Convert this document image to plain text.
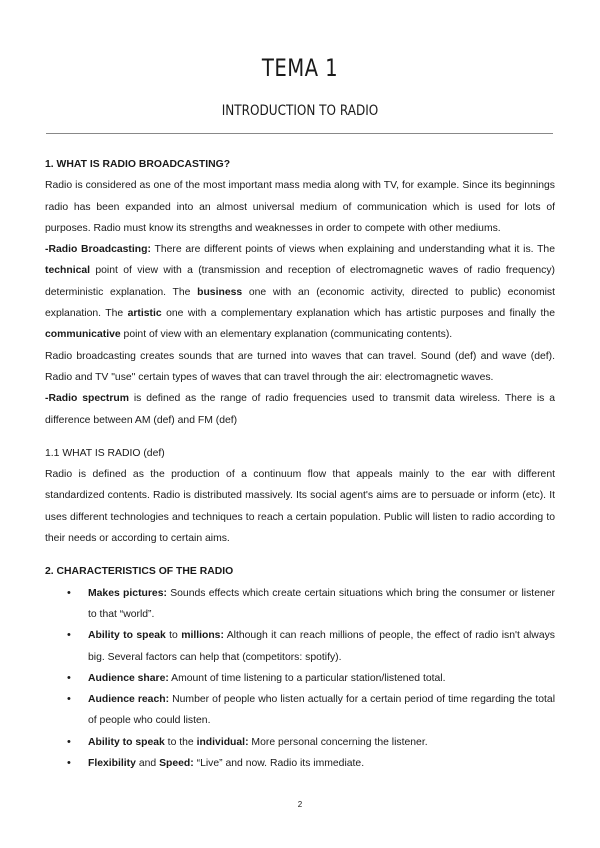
TEMA 1
INTRODUCTION TO RADIO

1. WHAT IS RADIO BROADCASTING?

Radio is considered as one of the most important mass media along with TV, for example. Since its beginnings radio has been expanded into an almost universal medium of communication which is used for lots of purposes. Radio must know its strengths and weaknesses in order to compete with other mediums.

-Radio Broadcasting: There are different points of views when explaining and understanding what it is. The technical point of view with a (transmission and reception of electromagnetic waves of radio frequency) deterministic explanation. The business one with an (economic activity, directed to public) economist explanation. The artistic one with a complementary explanation which has artistic purposes and finally the communicative point of view with an elementary explanation (communicating contents).

Radio broadcasting creates sounds that are turned into waves that can travel. Sound (def) and wave (def). Radio and TV "use" certain types of waves that can travel through the air: electromagnetic waves.

-Radio spectrum is defined as the range of radio frequencies used to transmit data wireless. There is a difference between AM (def) and FM (def)

1.1 WHAT IS RADIO (def)

Radio is defined as the production of a continuum flow that appeals mainly to the ear with different standardized contents. Radio is distributed massively. Its social agent's aims are to persuade or inform (etc). It uses different technologies and techniques to reach a certain population. Public will listen to radio according to their needs or according to certain aims.

2. CHARACTERISTICS OF THE RADIO

• Makes pictures: Sounds effects which create certain situations which bring the consumer or listener to that “world”.
• Ability to speak to millions: Although it can reach millions of people, the effect of radio isn't always big. Several factors can help that (competitors: spotify).
• Audience share: Amount of time listening to a particular station/listened total.
• Audience reach: Number of people who listen actually for a certain period of time regarding the total of people who could listen.
• Ability to speak to the individual: More personal concerning the listener.
• Flexibility and Speed: “Live” and now. Radio its immediate.
2
